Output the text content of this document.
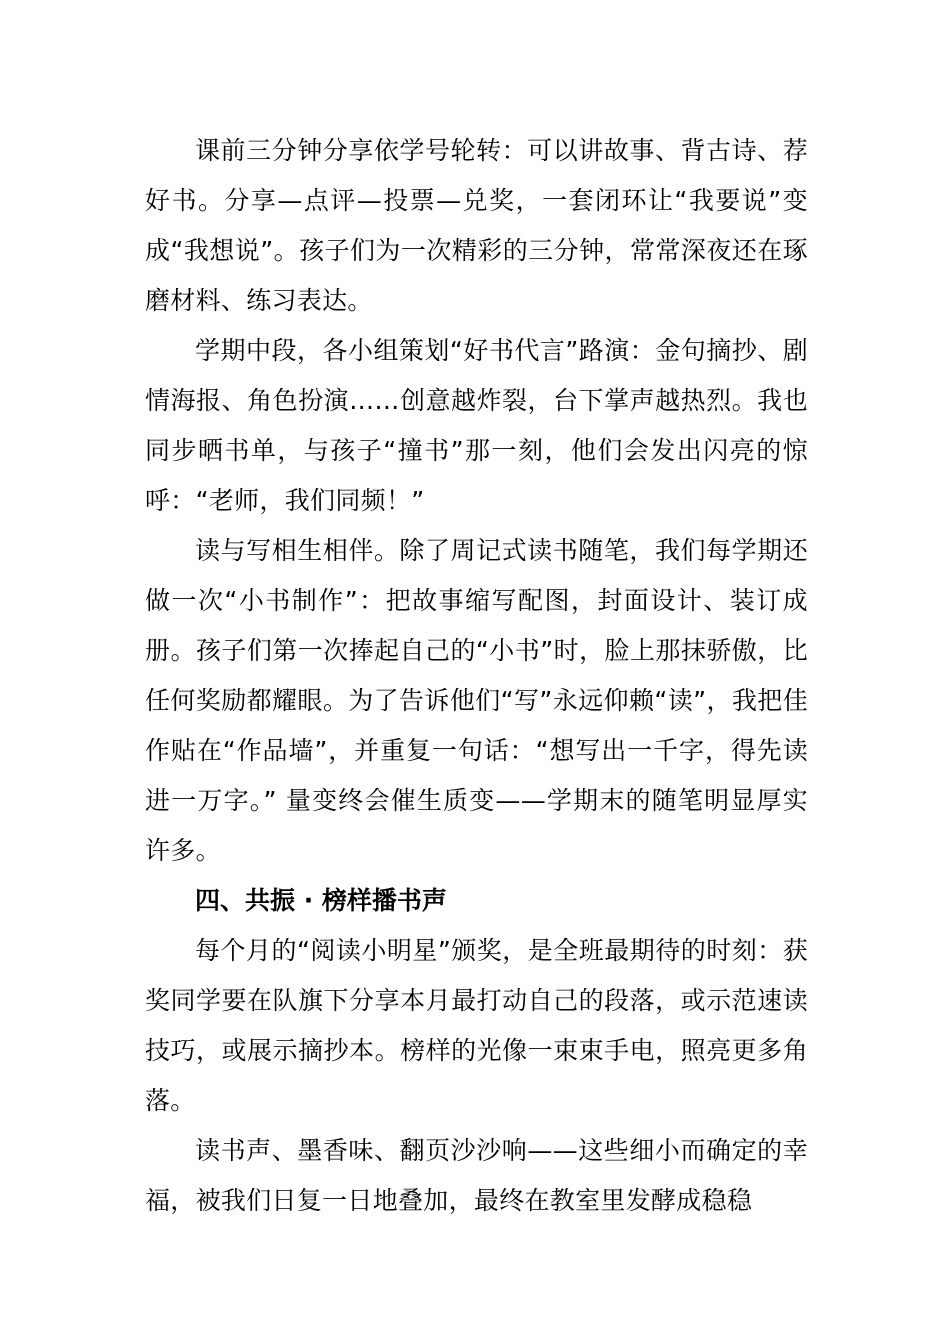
课前三分钟分享依学号轮转：可以讲故事、背古诗、荐好书。分享—点评—投票—兑奖，一套闭环让“我要说”变成“我想说”。孩子们为一次精彩的三分钟，常常深夜还在琢磨材料、练习表达。

学期中段，各小组策划“好书代言”路演：金句摘抄、剧情海报、角色扮演……创意越炸裂，台下掌声越热烈。我也同步晒书单，与孩子“撞书”那一刻，他们会发出闪亮的惊呼：“老师，我们同频！”

读与写相生相伴。除了周记式读书随笔，我们每学期还做一次“小书制作”：把故事缩写配图，封面设计、装订成册。孩子们第一次捧起自己的“小书”时，脸上那抹骄傲，比任何奖励都耀眼。为了告诉他们“写”永远仰赖“读”，我把佳作贴在“作品墙”，并重复一句话：“想写出一千字，得先读进一万字。” 量变终会催生质变——学期末的随笔明显厚实许多。

四、共振 · 榜样播书声

每个月的“阅读小明星”颁奖，是全班最期待的时刻：获奖同学要在队旗下分享本月最打动自己的段落，或示范速读技巧，或展示摘抄本。榜样的光像一束束手电，照亮更多角落。

读书声、墨香味、翻页沙沙响——这些细小而确定的幸福，被我们日复一日地叠加，最终在教室里发酵成稳稳
